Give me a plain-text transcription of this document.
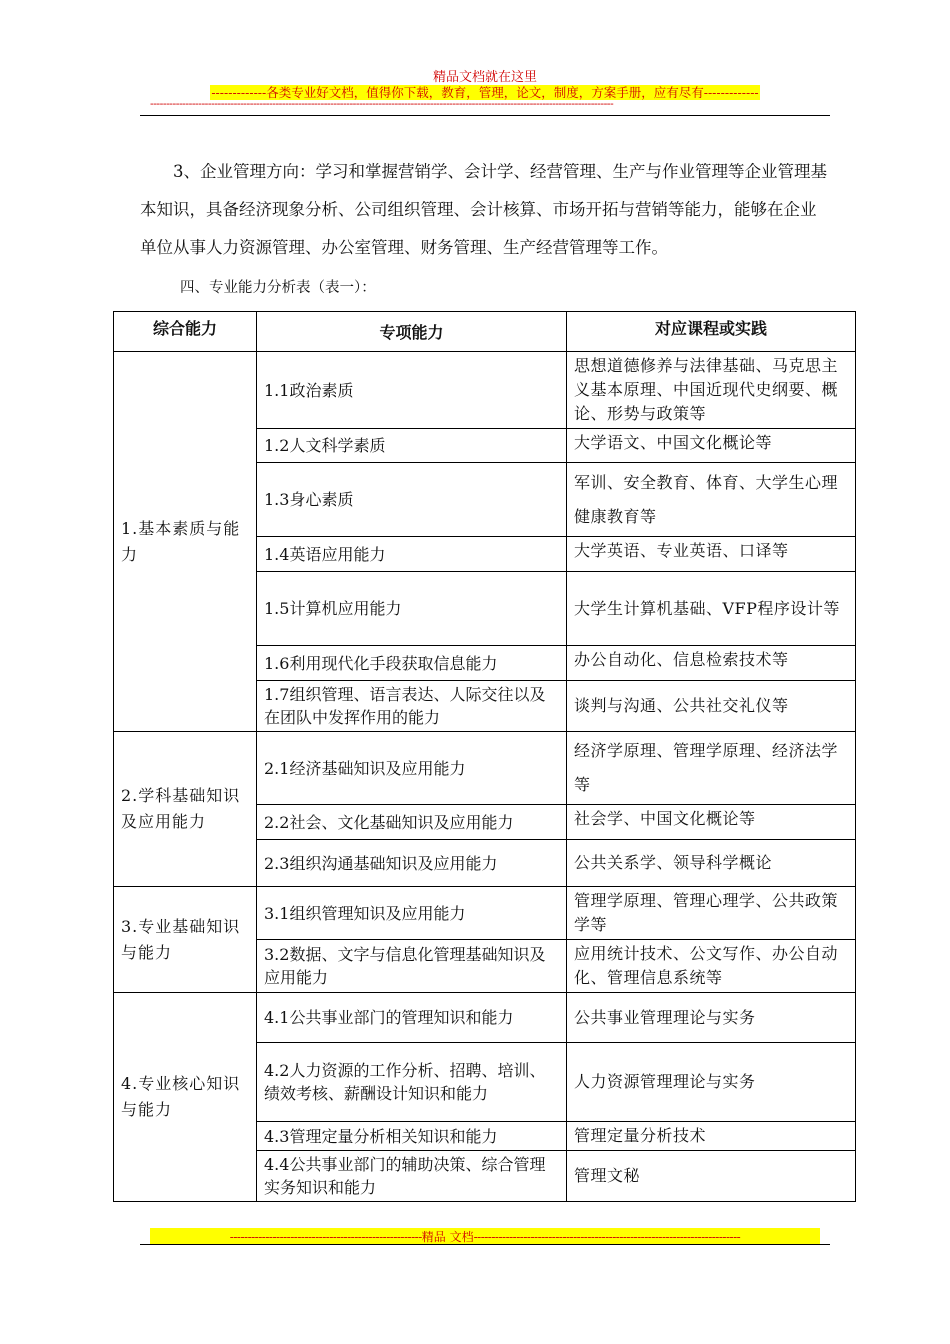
精品文档就在这里
-------------各类专业好文档，值得你下载，教育，管理，论文，制度，方案手册，应有尽有-------------
------------------------------------------------------------------------------------------------------------------------------------------------

3、企业管理方向：学习和掌握营销学、会计学、经营管理、生产与作业管理等企业管理基本知识，具备经济现象分析、公司组织管理、会计核算、市场开拓与营销等能力，能够在企业单位从事人力资源管理、办公室管理、财务管理、生产经营管理等工作。

四、专业能力分析表（表一）：
综合能力	专项能力	对应课程或实践
1.基本素质与能力	1.1政治素质	思想道德修养与法律基础、马克思主义基本原理、中国近现代史纲要、概论、形势与政策等
	1.2人文科学素质	大学语文、中国文化概论等
	1.3身心素质	军训、安全教育、体育、大学生心理健康教育等
	1.4英语应用能力	大学英语、专业英语、口译等
	1.5计算机应用能力	大学生计算机基础、VFP程序设计等
	1.6利用现代化手段获取信息能力	办公自动化、信息检索技术等
	1.7组织管理、语言表达、人际交往以及在团队中发挥作用的能力	谈判与沟通、公共社交礼仪等
2.学科基础知识及应用能力	2.1经济基础知识及应用能力	经济学原理、管理学原理、经济法学等
	2.2社会、文化基础知识及应用能力	社会学、中国文化概论等
	2.3组织沟通基础知识及应用能力	公共关系学、领导科学概论
3.专业基础知识与能力	3.1组织管理知识及应用能力	管理学原理、管理心理学、公共政策学等
	3.2数据、文字与信息化管理基础知识及应用能力	应用统计技术、公文写作、办公自动化、管理信息系统等
4.专业核心知识与能力	4.1公共事业部门的管理知识和能力	公共事业管理理论与实务
	4.2人力资源的工作分析、招聘、培训、绩效考核、薪酬设计知识和能力	人力资源管理理论与实务
	4.3管理定量分析相关知识和能力	管理定量分析技术
	4.4公共事业部门的辅助决策、综合管理实务知识和能力	管理文秘
------------------------------------------------------精品 文档---------------------------------------------------------------------------
